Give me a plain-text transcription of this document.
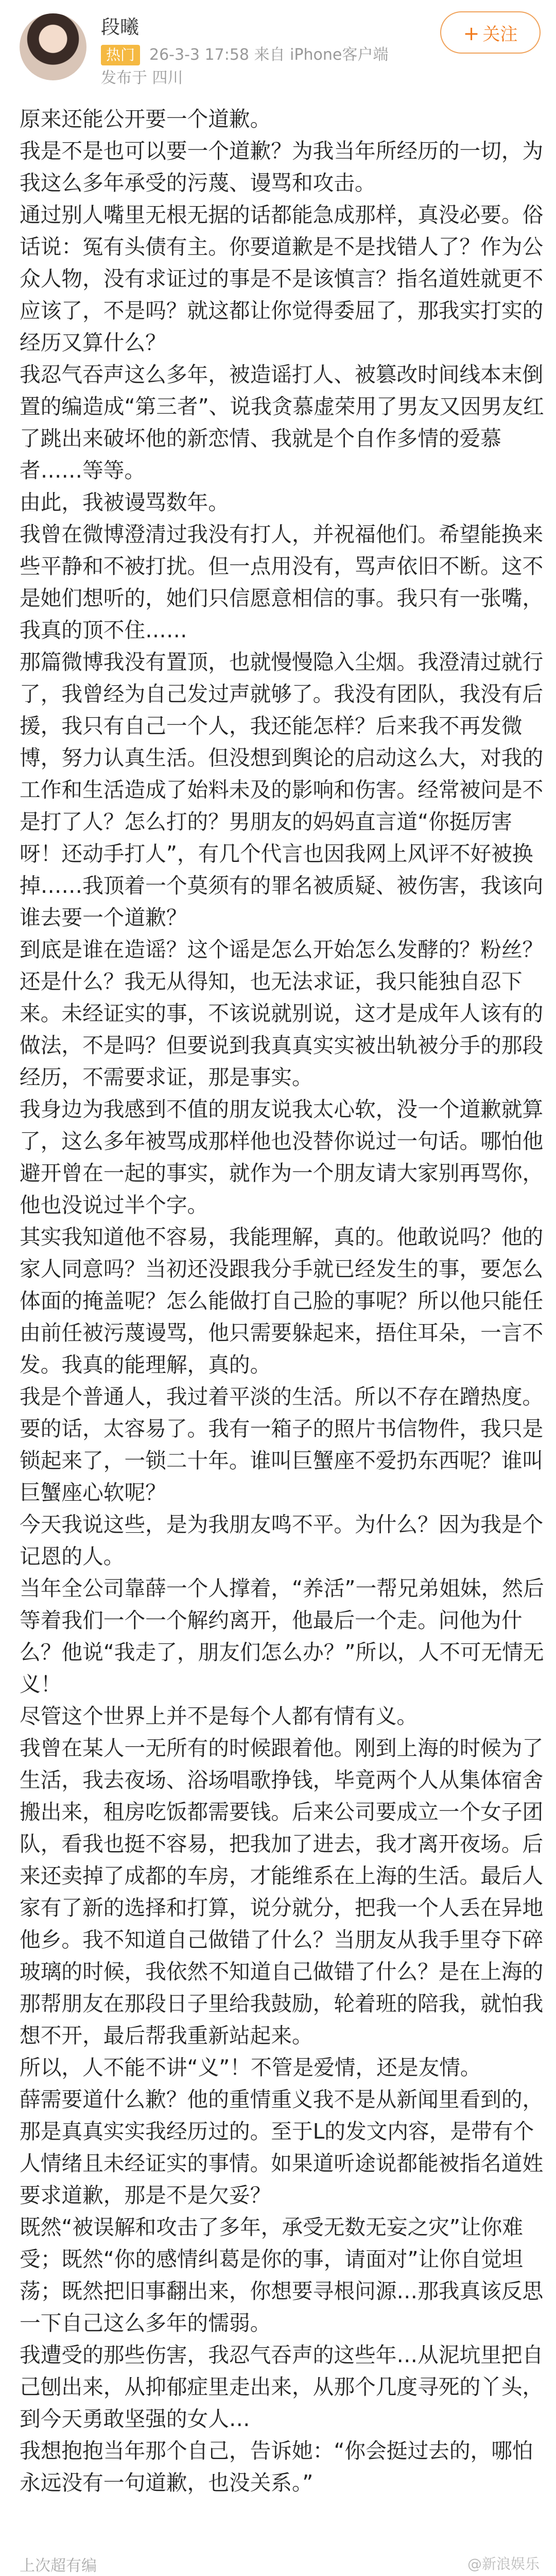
段曦
热门 26-3-3 17:58 来自 iPhone客户端
发布于 四川
+ 关注

原来还能公开要一个道歉。

我是不是也可以要一个道歉？为我当年所经历的一切，为我这么多年承受的污蔑、谩骂和攻击。

通过别人嘴里无根无据的话都能急成那样，真没必要。俗话说：冤有头债有主。你要道歉是不是找错人了？作为公众人物，没有求证过的事是不是该慎言？指名道姓就更不应该了，不是吗？就这都让你觉得委屈了，那我实打实的经历又算什么？

我忍气吞声这么多年，被造谣打人、被篡改时间线本末倒置的编造成“第三者”、说我贪慕虚荣用了男友又因男友红了跳出来破坏他的新恋情、我就是个自作多情的爱慕者……等等。

由此，我被谩骂数年。

我曾在微博澄清过我没有打人，并祝福他们。希望能换来些平静和不被打扰。但一点用没有，骂声依旧不断。这不是她们想听的，她们只信愿意相信的事。我只有一张嘴，我真的顶不住……

那篇微博我没有置顶，也就慢慢隐入尘烟。我澄清过就行了，我曾经为自己发过声就够了。我没有团队，我没有后援，我只有自己一个人，我还能怎样？后来我不再发微博，努力认真生活。但没想到舆论的启动这么大，对我的工作和生活造成了始料未及的影响和伤害。经常被问是不是打了人？怎么打的？男朋友的妈妈直言道“你挺厉害呀！还动手打人”，有几个代言也因我网上风评不好被换掉……我顶着一个莫须有的罪名被质疑、被伤害，我该向谁去要一个道歉？

到底是谁在造谣？这个谣是怎么开始怎么发酵的？粉丝？还是什么？我无从得知，也无法求证，我只能独自忍下来。未经证实的事，不该说就别说，这才是成年人该有的做法，不是吗？但要说到我真真实实被出轨被分手的那段经历，不需要求证，那是事实。

我身边为我感到不值的朋友说我太心软，没一个道歉就算了，这么多年被骂成那样他也没替你说过一句话。哪怕他避开曾在一起的事实，就作为一个朋友请大家别再骂你，他也没说过半个字。

其实我知道他不容易，我能理解，真的。他敢说吗？他的家人同意吗？当初还没跟我分手就已经发生的事，要怎么体面的掩盖呢？怎么能做打自己脸的事呢？所以他只能任由前任被污蔑谩骂，他只需要躲起来，捂住耳朵，一言不发。我真的能理解，真的。

我是个普通人，我过着平淡的生活。所以不存在蹭热度。要的话，太容易了。我有一箱子的照片书信物件，我只是锁起来了，一锁二十年。谁叫巨蟹座不爱扔东西呢？谁叫巨蟹座心软呢？

今天我说这些，是为我朋友鸣不平。为什么？因为我是个记恩的人。

当年全公司靠薛一个人撑着，“养活”一帮兄弟姐妹，然后等着我们一个一个解约离开，他最后一个走。问他为什么？他说“我走了，朋友们怎么办？”所以，人不可无情无义！

尽管这个世界上并不是每个人都有情有义。

我曾在某人一无所有的时候跟着他。刚到上海的时候为了生活，我去夜场、浴场唱歌挣钱，毕竟两个人从集体宿舍搬出来，租房吃饭都需要钱。后来公司要成立一个女子团队，看我也挺不容易，把我加了进去，我才离开夜场。后来还卖掉了成都的车房，才能维系在上海的生活。最后人家有了新的选择和打算，说分就分，把我一个人丢在异地他乡。我不知道自己做错了什么？当朋友从我手里夺下碎玻璃的时候，我依然不知道自己做错了什么？是在上海的那帮朋友在那段日子里给我鼓励，轮着班的陪我，就怕我想不开，最后帮我重新站起来。

所以，人不能不讲“义”！不管是爱情，还是友情。

薛需要道什么歉？他的重情重义我不是从新闻里看到的，那是真真实实我经历过的。至于L的发文内容，是带有个人情绪且未经证实的事情。如果道听途说都能被指名道姓要求道歉，那是不是欠妥？

既然“被误解和攻击了多年，承受无数无妄之灾”让你难受；既然“你的感情纠葛是你的事，请面对”让你自觉坦荡；既然把旧事翻出来，你想要寻根问源…那我真该反思一下自己这么多年的懦弱。

我遭受的那些伤害，我忍气吞声的这些年…从泥坑里把自己刨出来，从抑郁症里走出来，从那个几度寻死的丫头，到今天勇敢坚强的女人…

我想抱抱当年那个自己，告诉她：“你会挺过去的，哪怕永远没有一句道歉，也没关系。”

上次超有编	@新浪娱乐
